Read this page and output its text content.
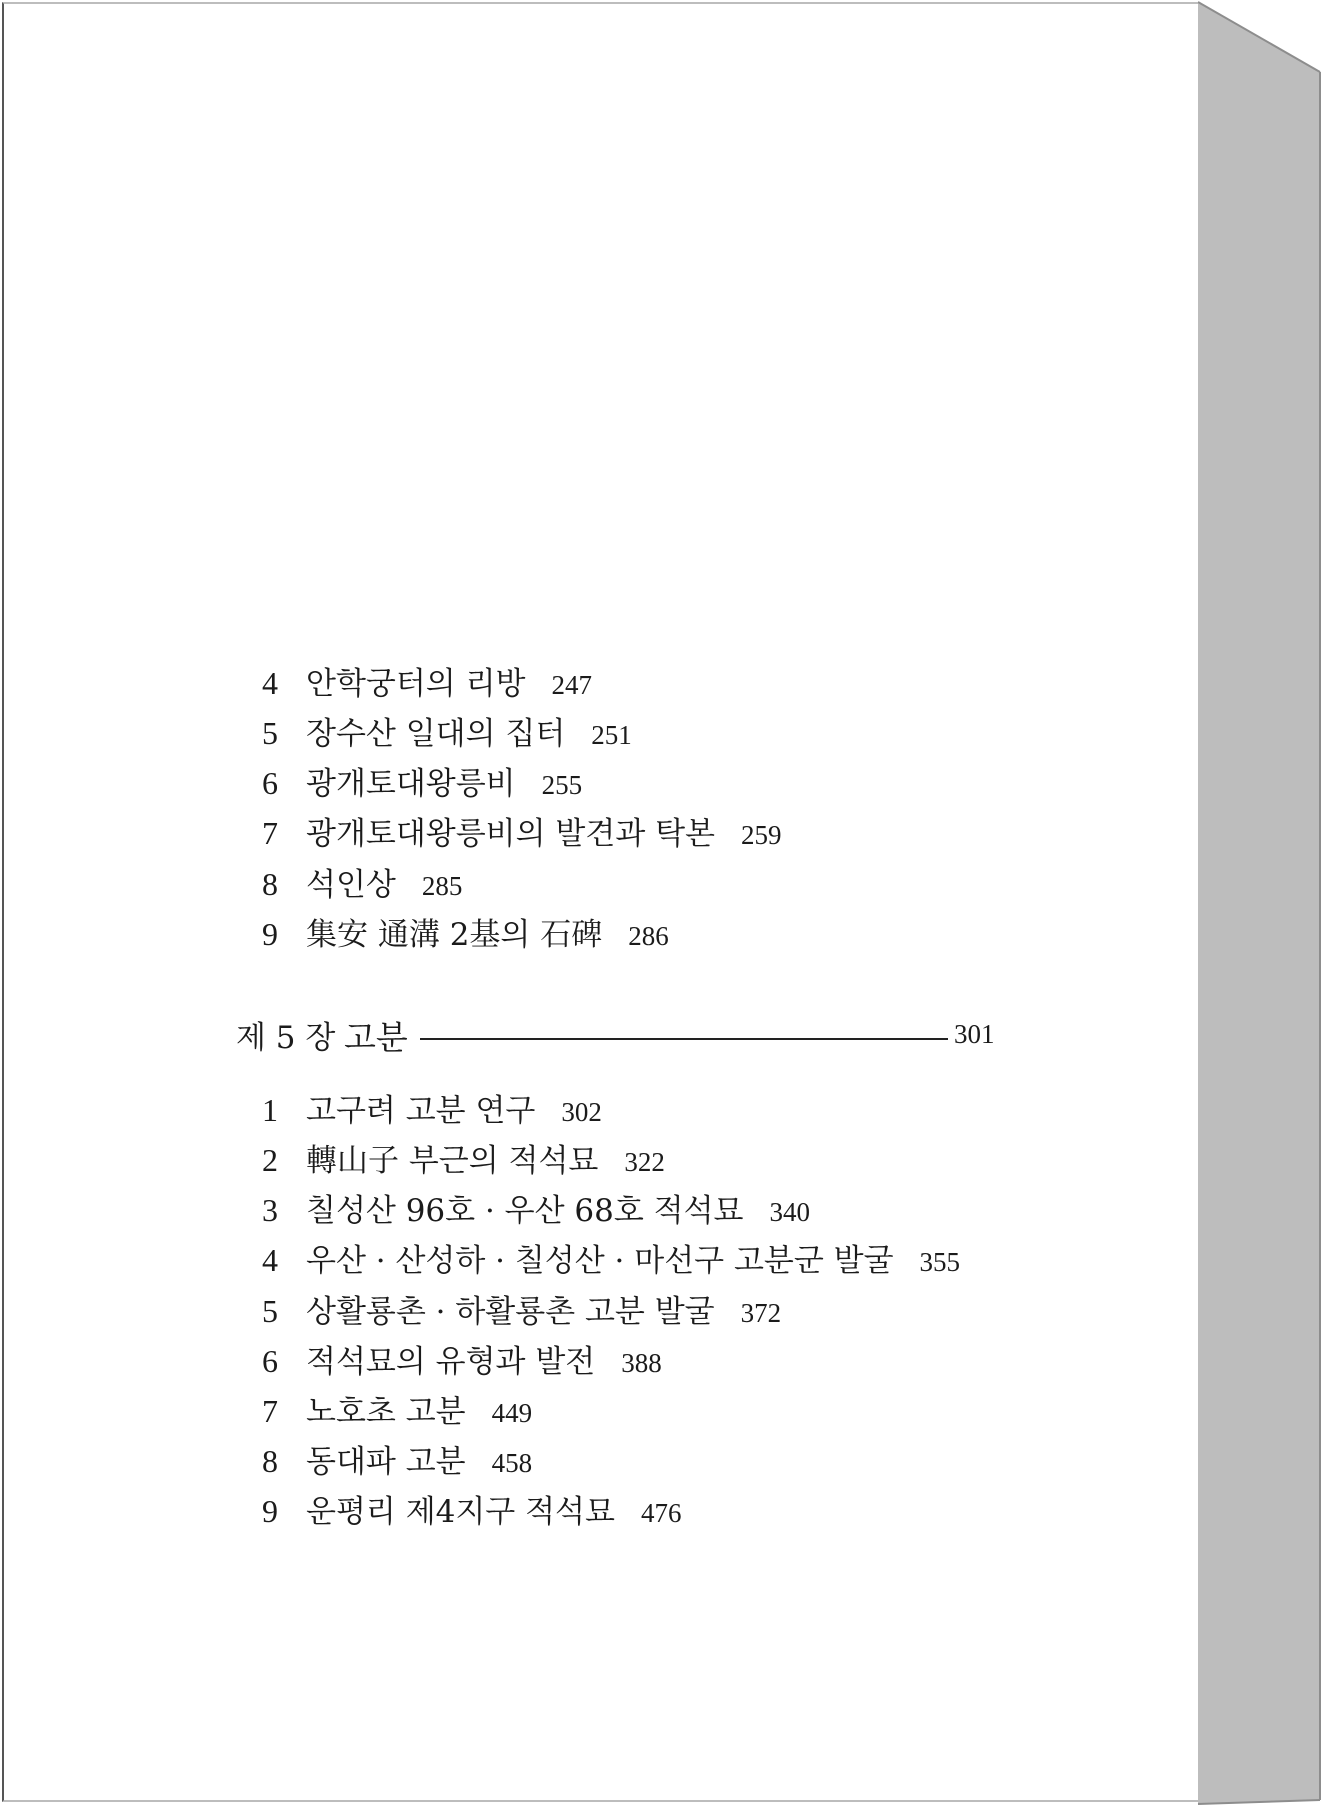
4 안학궁터의 리방 247
5 장수산 일대의 집터 251
6 광개토대왕릉비 255
7 광개토대왕릉비의 발견과 탁본 259
8 석인상 285
9 集安 通溝 2基의 石碑 286
제 5 장 고분	301
1 고구려 고분 연구 302
2 轉山子 부근의 적석묘 322
3 칠성산 96호 · 우산 68호 적석묘 340
4 우산 · 산성하 · 칠성산 · 마선구 고분군 발굴 355
5 상활룡촌 · 하활룡촌 고분 발굴 372
6 적석묘의 유형과 발전 388
7 노호초 고분 449
8 동대파 고분 458
9 운평리 제4지구 적석묘 476
